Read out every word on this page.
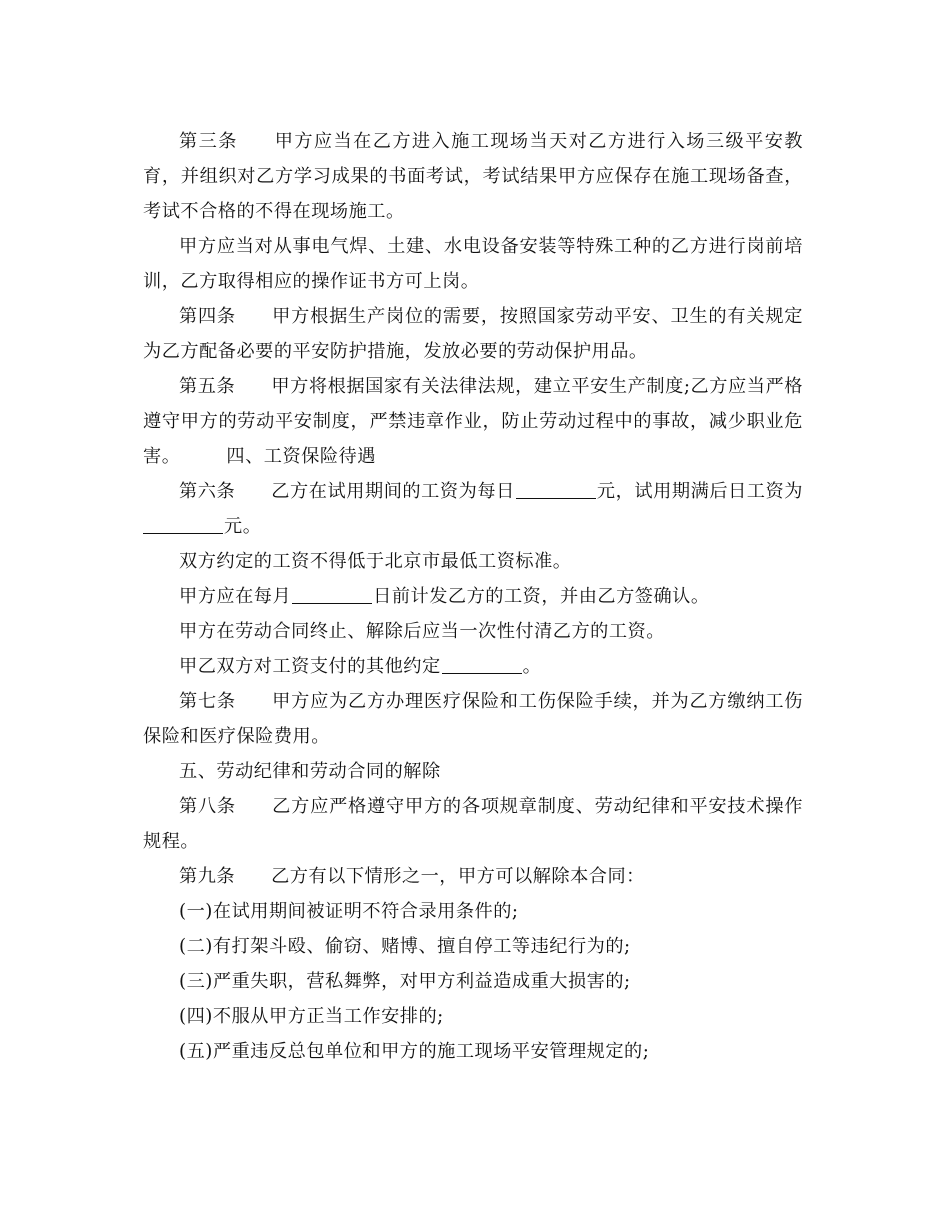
第三条 甲方应当在乙方进入施工现场当天对乙方进行入场三级平安教育，并组织对乙方学习成果的书面考试，考试结果甲方应保存在施工现场备查，考试不合格的不得在现场施工。

甲方应当对从事电气焊、土建、水电设备安装等特殊工种的乙方进行岗前培训，乙方取得相应的操作证书方可上岗。

第四条 甲方根据生产岗位的需要，按照国家劳动平安、卫生的有关规定为乙方配备必要的平安防护措施，发放必要的劳动保护用品。

第五条 甲方将根据国家有关法律法规，建立平安生产制度;乙方应当严格遵守甲方的劳动平安制度，严禁违章作业，防止劳动过程中的事故，减少职业危害。	四、工资保险待遇

第六条 乙方在试用期间的工资为每日	元，试用期满后日工资为元。

双方约定的工资不得低于北京市最低工资标准。

甲方应在每月	日前计发乙方的工资，并由乙方签确认。

甲方在劳动合同终止、解除后应当一次性付清乙方的工资。

甲乙双方对工资支付的其他约定	。

第七条 甲方应为乙方办理医疗保险和工伤保险手续，并为乙方缴纳工伤保险和医疗保险费用。

五、劳动纪律和劳动合同的解除

第八条 乙方应严格遵守甲方的各项规章制度、劳动纪律和平安技术操作规程。

第九条 乙方有以下情形之一，甲方可以解除本合同：

(一)在试用期间被证明不符合录用条件的;

(二)有打架斗殴、偷窃、赌博、擅自停工等违纪行为的;

(三)严重失职，营私舞弊，对甲方利益造成重大损害的;

(四)不服从甲方正当工作安排的;

(五)严重违反总包单位和甲方的施工现场平安管理规定的;
